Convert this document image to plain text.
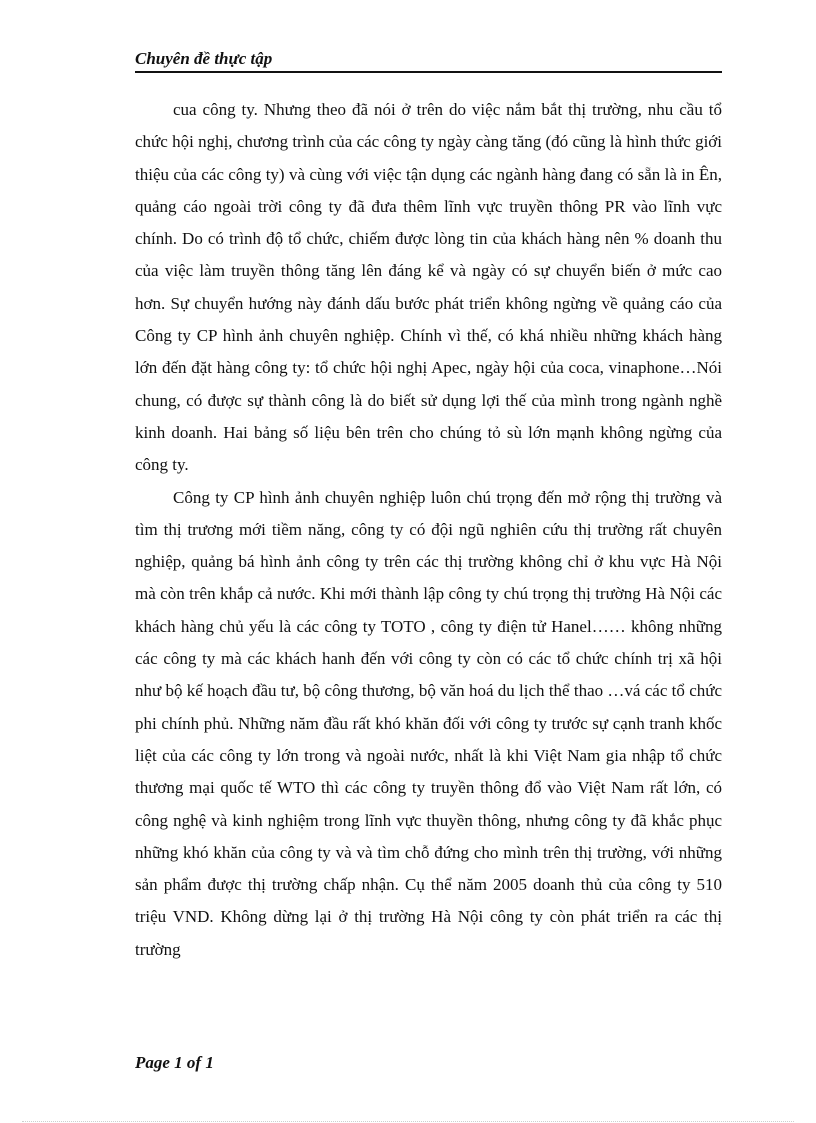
Chuyên đề thực tập

cua công ty. Nhưng theo đã nói ở trên do việc nắm bắt thị trường, nhu cầu tổ chức hội nghị, chương trình của các công ty ngày càng tăng (đó cũng là hình thức giới thiệu của các công ty) và cùng với việc tận dụng các ngành hàng đang có sẵn là in Ên, quảng cáo ngoài trời công ty đã đưa thêm lĩnh vực truyền thông PR vào lĩnh vực chính. Do có trình độ tổ chức, chiếm được lòng tin của khách hàng nên % doanh thu của việc làm truyền thông tăng lên đáng kể và ngày có sự chuyển biến ở mức cao hơn. Sự chuyển hướng này đánh dấu bước phát triển không ngừng về quảng cáo của Công ty CP hình ảnh chuyên nghiệp. Chính vì thế, có khá nhiều những khách hàng lớn đến đặt hàng công ty: tổ chức hội nghị Apec, ngày hội của coca, vinaphone…Nói chung, có được sự thành công là do biết sử dụng lợi thế của mình trong ngành nghề kinh doanh. Hai bảng số liệu bên trên cho chúng tỏ sù lớn mạnh không ngừng của công ty.

Công ty CP hình ảnh chuyên nghiệp luôn chú trọng đến mở rộng thị trường và tìm thị trương mới tiềm năng, công ty có đội ngũ nghiên cứu thị trường rất chuyên nghiệp, quảng bá hình ảnh công ty trên các thị trường không chỉ ở khu vực Hà Nội mà còn trên khắp cả nước. Khi mới thành lập công ty chú trọng thị trường Hà Nội các khách hàng chủ yếu là các công ty TOTO , công ty điện tử Hanel…… không những các công ty mà các khách hanh đến với công ty còn có các tổ chức chính trị xã hội như bộ kế hoạch đầu tư, bộ công thương, bộ văn hoá du lịch thể thao …vá các tổ chức phi chính phủ. Những năm đầu rất khó khăn đối với công ty trước sự cạnh tranh khốc liệt của các công ty lớn trong và ngoài nước, nhất là khi Việt Nam gia nhập tổ chức thương mại quốc tế WTO thì các công ty truyền thông đổ vào Việt Nam rất lớn, có công nghệ và kinh nghiệm trong lĩnh vực thuyền thông, nhưng công ty đã khắc phục những khó khăn của công ty và và tìm chỗ đứng cho mình trên thị trường, với những sản phẩm được thị trường chấp nhận. Cụ thể năm 2005 doanh thủ của công ty 510 triệu VND. Không dừng lại ở thị trường Hà Nội công ty còn phát triển ra các thị trường

Page 1 of 1
